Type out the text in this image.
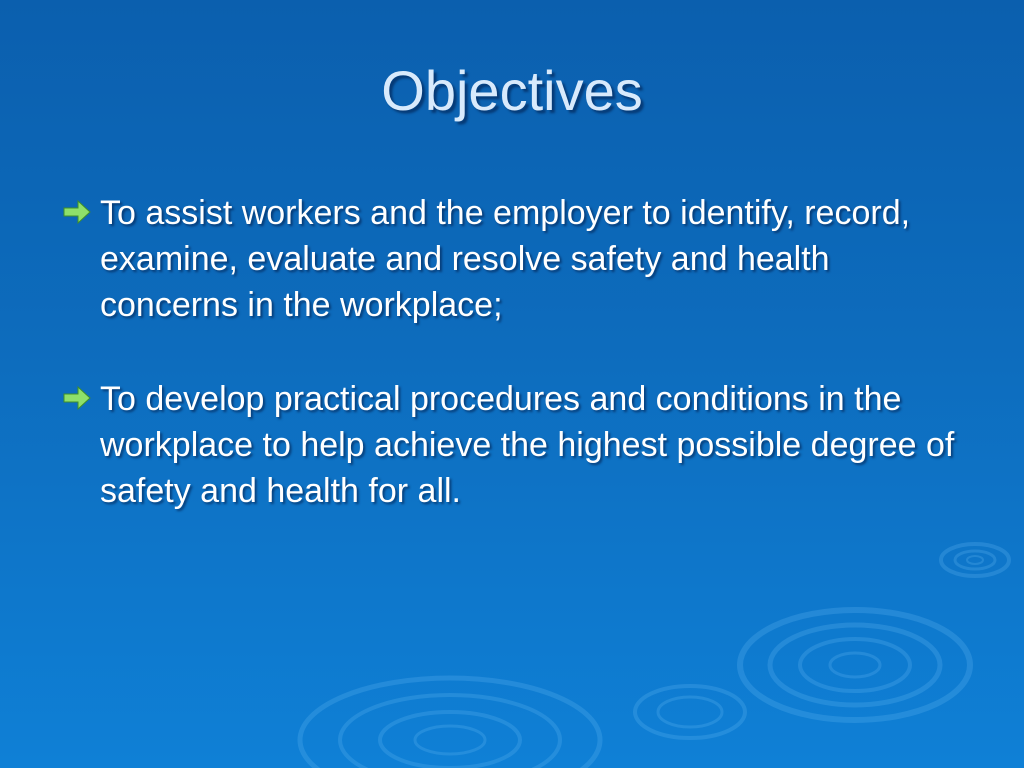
Objectives
To assist workers and the employer to identify, record, examine, evaluate and resolve safety and health concerns in the workplace;
To develop practical procedures and conditions in the workplace to help achieve the highest possible degree of safety and health for all.
